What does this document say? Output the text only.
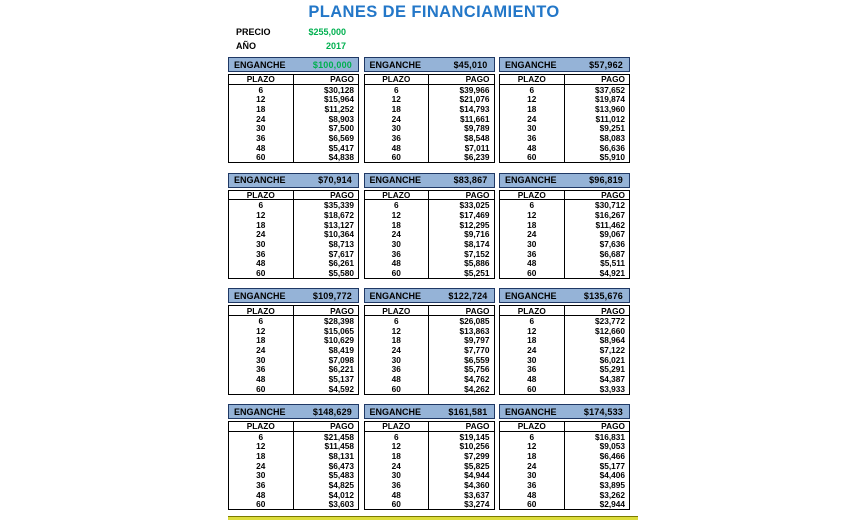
PLANES DE FINANCIAMIENTO
PRECIO	$255,000
AÑO	2017
ENGANCHE	$100,000
PLAZO	PAGO
6	$30,128
12	$15,964
18	$11,252
24	$8,903
30	$7,500
36	$6,569
48	$5,417
60	$4,838
ENGANCHE	$45,010
PLAZO	PAGO
6	$39,966
12	$21,076
18	$14,793
24	$11,661
30	$9,789
36	$8,548
48	$7,011
60	$6,239
ENGANCHE	$57,962
PLAZO	PAGO
6	$37,652
12	$19,874
18	$13,960
24	$11,012
30	$9,251
36	$8,083
48	$6,636
60	$5,910
ENGANCHE	$70,914
PLAZO	PAGO
6	$35,339
12	$18,672
18	$13,127
24	$10,364
30	$8,713
36	$7,617
48	$6,261
60	$5,580
ENGANCHE	$83,867
PLAZO	PAGO
6	$33,025
12	$17,469
18	$12,295
24	$9,716
30	$8,174
36	$7,152
48	$5,886
60	$5,251
ENGANCHE	$96,819
PLAZO	PAGO
6	$30,712
12	$16,267
18	$11,462
24	$9,067
30	$7,636
36	$6,687
48	$5,511
60	$4,921
ENGANCHE	$109,772
PLAZO	PAGO
6	$28,398
12	$15,065
18	$10,629
24	$8,419
30	$7,098
36	$6,221
48	$5,137
60	$4,592
ENGANCHE	$122,724
PLAZO	PAGO
6	$26,085
12	$13,863
18	$9,797
24	$7,770
30	$6,559
36	$5,756
48	$4,762
60	$4,262
ENGANCHE	$135,676
PLAZO	PAGO
6	$23,772
12	$12,660
18	$8,964
24	$7,122
30	$6,021
36	$5,291
48	$4,387
60	$3,933
ENGANCHE	$148,629
PLAZO	PAGO
6	$21,458
12	$11,458
18	$8,131
24	$6,473
30	$5,483
36	$4,825
48	$4,012
60	$3,603
ENGANCHE	$161,581
PLAZO	PAGO
6	$19,145
12	$10,256
18	$7,299
24	$5,825
30	$4,944
36	$4,360
48	$3,637
60	$3,274
ENGANCHE	$174,533
PLAZO	PAGO
6	$16,831
12	$9,053
18	$6,466
24	$5,177
30	$4,406
36	$3,895
48	$3,262
60	$2,944
